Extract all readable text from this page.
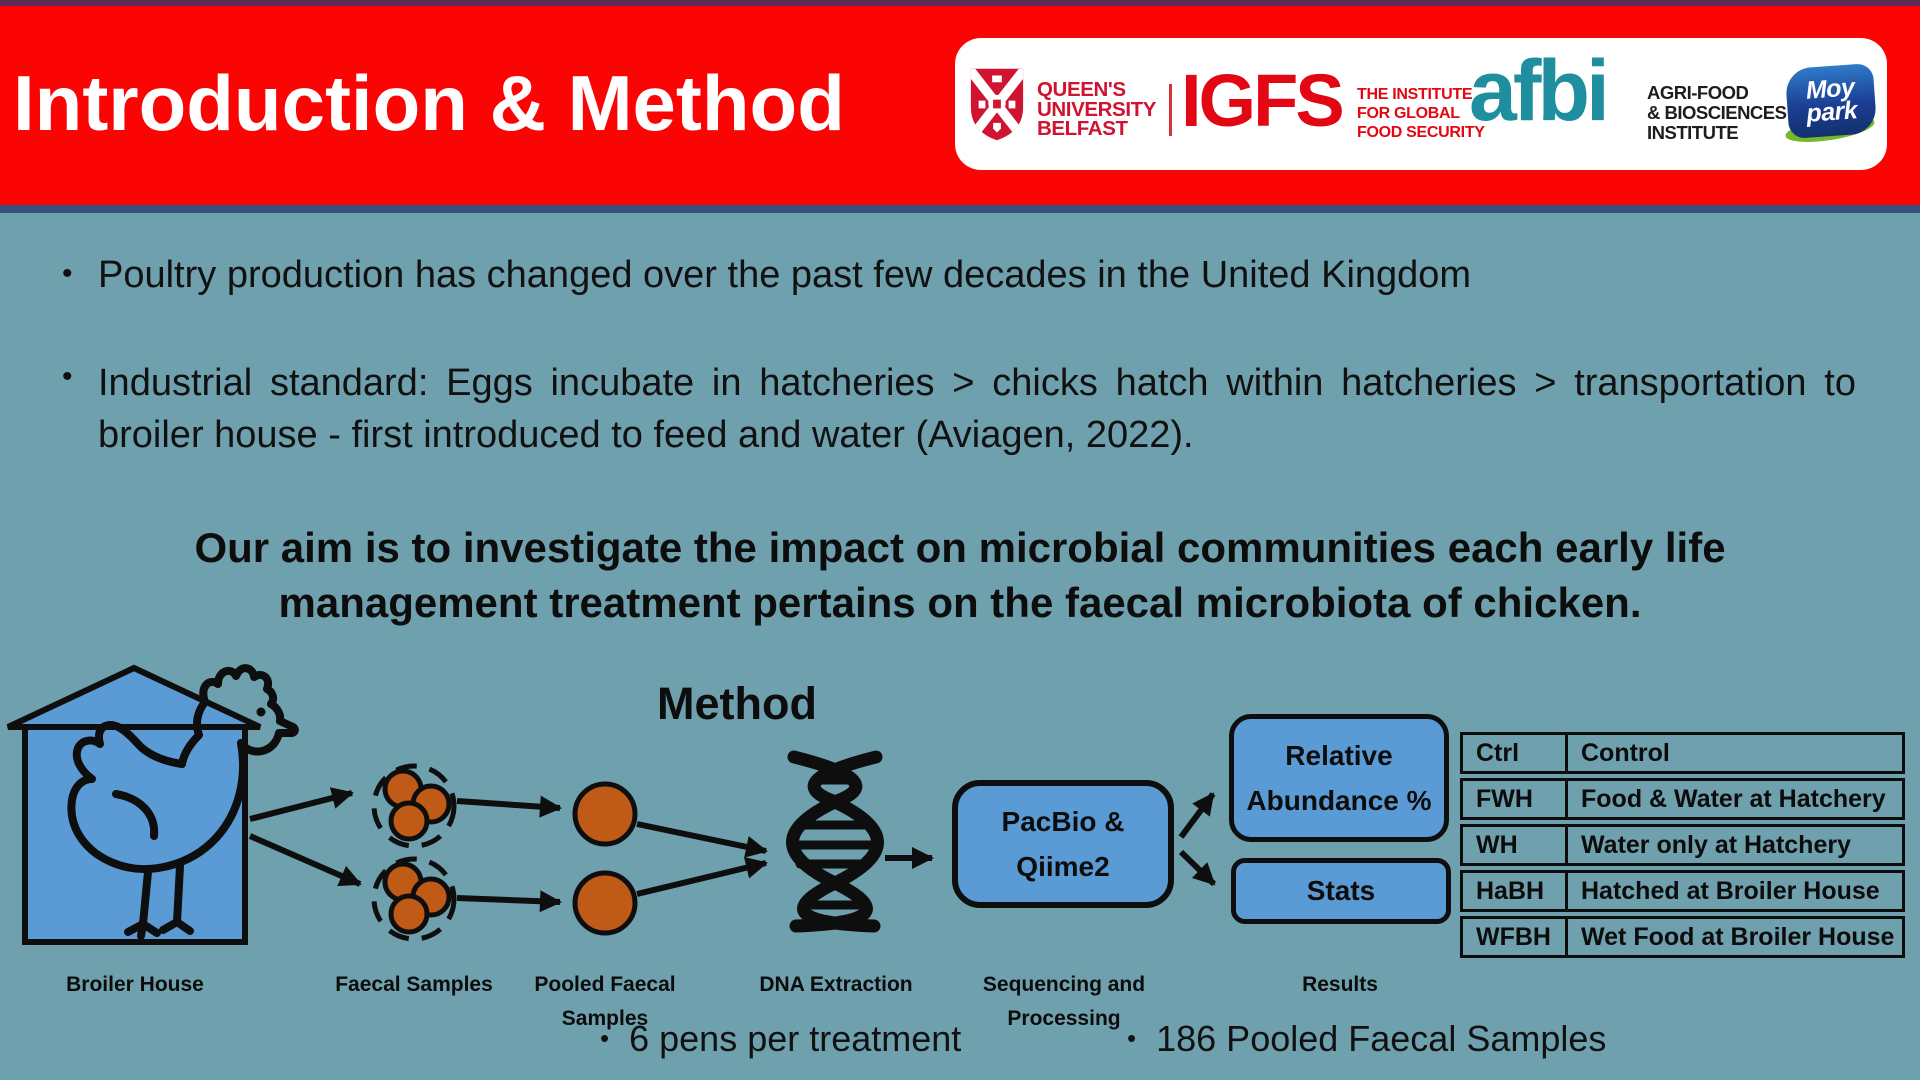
Introduction & Method	QUEEN'S
UNIVERSITY
BELFAST IGFS THE INSTITUTE
FOR GLOBAL
FOOD SECURITY
afbi AGRI-FOOD
& BIOSCIENCES
INSTITUTE
Moy
park
• Poultry production has changed over the past few decades in the United Kingdom
• Industrial standard: Eggs incubate in hatcheries > chicks hatch within hatcheries > transportation to broiler house - first introduced to feed and water (Aviagen, 2022).
Our aim is to investigate the impact on microbial communities each early life management treatment pertains on the faecal microbiota of chicken.
Method
PacBio &
Qiime2
Relative
Abundance %
Stats
Broiler House	Faecal Samples	Pooled Faecal
Samples
DNA Extraction	Sequencing and
Processing
Results
Ctrl	Control
FWH	Food & Water at Hatchery
WH	Water only at Hatchery
HaBH	Hatched at Broiler House
WFBH	Wet Food at Broiler House
• 6 pens per treatment	• 186 Pooled Faecal Samples
